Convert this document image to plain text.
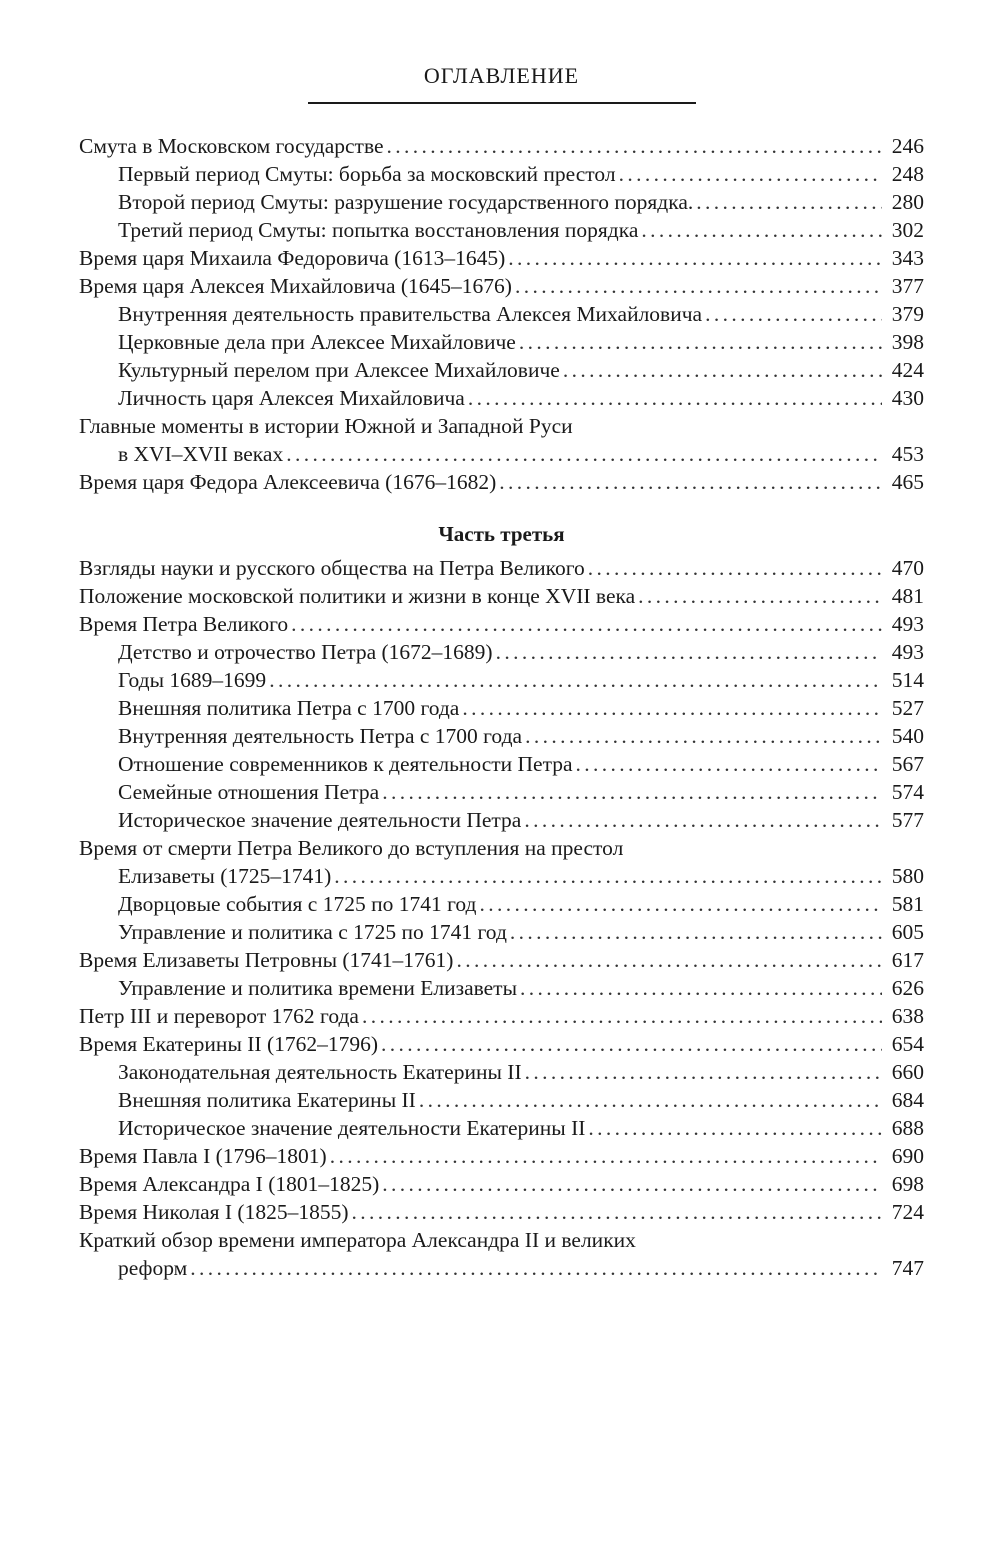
ОГЛАВЛЕНИЕ
Смута в Московском государстве . . .	246
Первый период Смуты: борьба за московский престол . . .	248
Второй период Смуты: разрушение государственного порядка. . . .	280
Третий период Смуты: попытка восстановления порядка . . .	302
Время царя Михаила Федоровича (1613–1645) . . .	343
Время царя Алексея Михайловича (1645–1676) . . .	377
Внутренняя деятельность правительства Алексея Михайловича . . .	379
Церковные дела при Алексее Михайловиче . . .	398
Культурный перелом при Алексее Михайловиче . . .	424
Личность царя Алексея Михайловича . . .	430
Главные моменты в истории Южной и Западной Руси
в XVI–XVII веках . . .	453
Время царя Федора Алексеевича (1676–1682) . . .	465
Часть третья
Взгляды науки и русского общества на Петра Великого . . .	470
Положение московской политики и жизни в конце XVII века . . .	481
Время Петра Великого . . .	493
Детство и отрочество Петра (1672–1689) . . .	493
Годы 1689–1699 . . .	514
Внешняя политика Петра с 1700 года . . .	527
Внутренняя деятельность Петра с 1700 года . . .	540
Отношение современников к деятельности Петра . . .	567
Семейные отношения Петра . . .	574
Историческое значение деятельности Петра . . .	577
Время от смерти Петра Великого до вступления на престол
Елизаветы (1725–1741) . . .	580
Дворцовые события с 1725 по 1741 год . . .	581
Управление и политика с 1725 по 1741 год . . .	605
Время Елизаветы Петровны (1741–1761) . . .	617
Управление и политика времени Елизаветы . . .	626
Петр III и переворот 1762 года . . .	638
Время Екатерины II (1762–1796) . . .	654
Законодательная деятельность Екатерины II . . .	660
Внешняя политика Екатерины II . . .	684
Историческое значение деятельности Екатерины II . . .	688
Время Павла I (1796–1801) . . .	690
Время Александра I (1801–1825) . . .	698
Время Николая I (1825–1855) . . .	724
Краткий обзор времени императора Александра II и великих
реформ . . .	747
